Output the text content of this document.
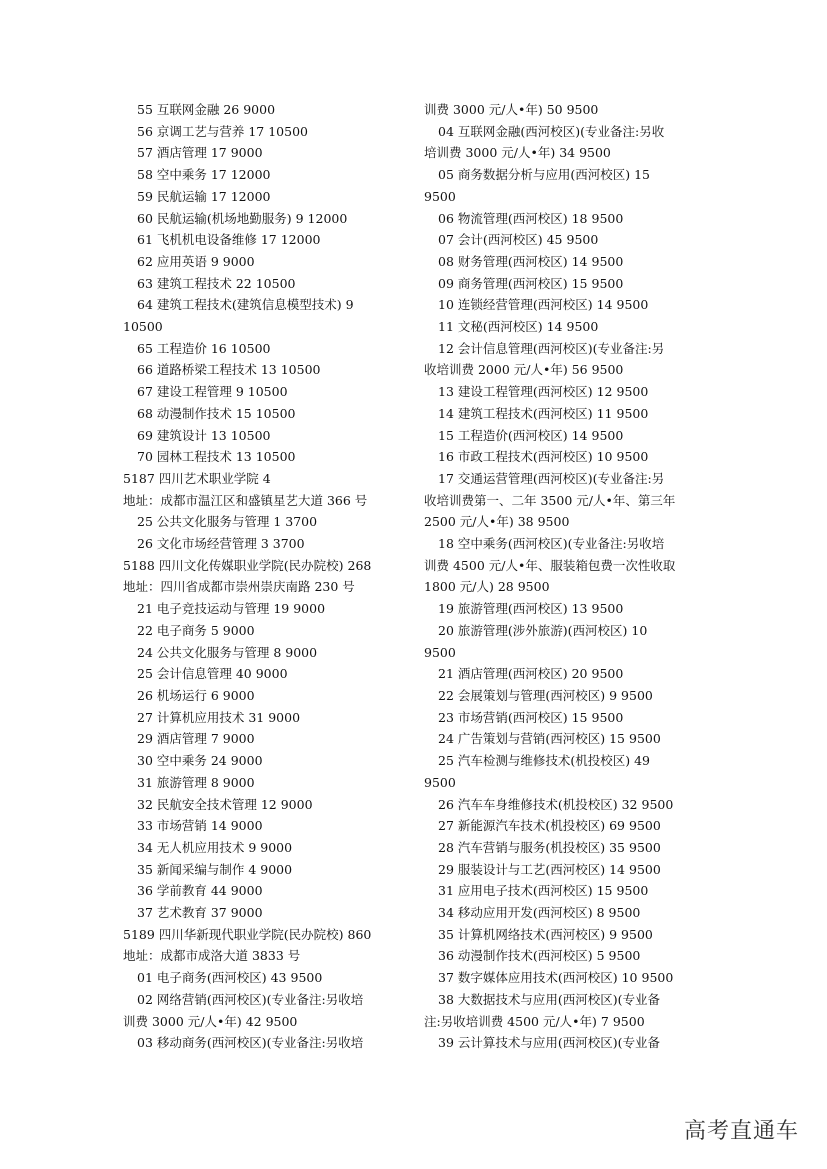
55 互联网金融 26 9000
56 京调工艺与营养 17 10500
57 酒店管理 17 9000
58 空中乘务 17 12000
59 民航运输 17 12000
60 民航运输(机场地勤服务) 9 12000
61 飞机机电设备维修 17 12000
62 应用英语 9 9000
63 建筑工程技术 22 10500
64 建筑工程技术(建筑信息模型技术) 9
10500
65 工程造价 16 10500
66 道路桥梁工程技术 13 10500
67 建设工程管理 9 10500
68 动漫制作技术 15 10500
69 建筑设计 13 10500
70 园林工程技术 13 10500
5187 四川艺术职业学院 4
地址：成都市温江区和盛镇星艺大道 366 号
25 公共文化服务与管理 1 3700
26 文化市场经营管理 3 3700
5188 四川文化传媒职业学院(民办院校) 268
地址：四川省成都市崇州崇庆南路 230 号
21 电子竞技运动与管理 19 9000
22 电子商务 5 9000
24 公共文化服务与管理 8 9000
25 会计信息管理 40 9000
26 机场运行 6 9000
27 计算机应用技术 31 9000
29 酒店管理 7 9000
30 空中乘务 24 9000
31 旅游管理 8 9000
32 民航安全技术管理 12 9000
33 市场营销 14 9000
34 无人机应用技术 9 9000
35 新闻采编与制作 4 9000
36 学前教育 44 9000
37 艺术教育 37 9000
5189 四川华新现代职业学院(民办院校) 860
地址：成都市成洛大道 3833 号
01 电子商务(西河校区) 43 9500
02 网络营销(西河校区)(专业备注:另收培
训费 3000 元/人•年) 42 9500
03 移动商务(西河校区)(专业备注:另收培
训费 3000 元/人•年) 50 9500
04 互联网金融(西河校区)(专业备注:另收
培训费 3000 元/人•年) 34 9500
05 商务数据分析与应用(西河校区) 15
9500
06 物流管理(西河校区) 18 9500
07 会计(西河校区) 45 9500
08 财务管理(西河校区) 14 9500
09 商务管理(西河校区) 15 9500
10 连锁经营管理(西河校区) 14 9500
11 文秘(西河校区) 14 9500
12 会计信息管理(西河校区)(专业备注:另
收培训费 2000 元/人•年) 56 9500
13 建设工程管理(西河校区) 12 9500
14 建筑工程技术(西河校区) 11 9500
15 工程造价(西河校区) 14 9500
16 市政工程技术(西河校区) 10 9500
17 交通运营管理(西河校区)(专业备注:另
收培训费第一、二年 3500 元/人•年、第三年
2500 元/人•年) 38 9500
18 空中乘务(西河校区)(专业备注:另收培
训费 4500 元/人•年、服装箱包费一次性收取
1800 元/人) 28 9500
19 旅游管理(西河校区) 13 9500
20 旅游管理(涉外旅游)(西河校区) 10
9500
21 酒店管理(西河校区) 20 9500
22 会展策划与管理(西河校区) 9 9500
23 市场营销(西河校区) 15 9500
24 广告策划与营销(西河校区) 15 9500
25 汽车检测与维修技术(机投校区) 49
9500
26 汽车车身维修技术(机投校区) 32 9500
27 新能源汽车技术(机投校区) 69 9500
28 汽车营销与服务(机投校区) 35 9500
29 服装设计与工艺(西河校区) 14 9500
31 应用电子技术(西河校区) 15 9500
34 移动应用开发(西河校区) 8 9500
35 计算机网络技术(西河校区) 9 9500
36 动漫制作技术(西河校区) 5 9500
37 数字媒体应用技术(西河校区) 10 9500
38 大数据技术与应用(西河校区)(专业备
注:另收培训费 4500 元/人•年) 7 9500
39 云计算技术与应用(西河校区)(专业备
高考直通车
